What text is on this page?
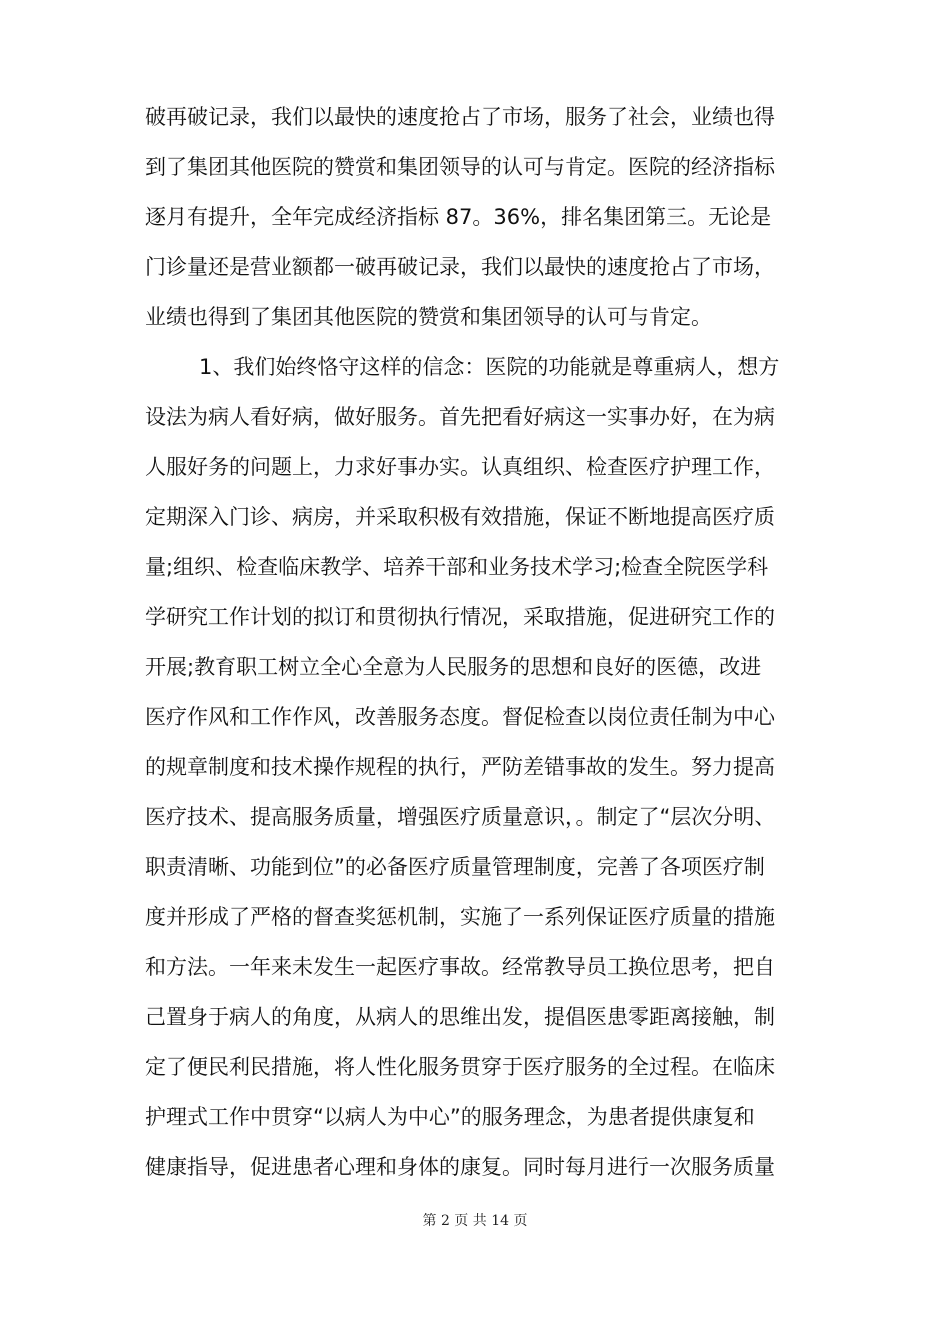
破再破记录，我们以最快的速度抢占了市场，服务了社会，业绩也得
到了集团其他医院的赞赏和集团领导的认可与肯定。医院的经济指标
逐月有提升，全年完成经济指标 87。36%，排名集团第三。无论是
门诊量还是营业额都一破再破记录，我们以最快的速度抢占了市场，
业绩也得到了集团其他医院的赞赏和集团领导的认可与肯定。
1、我们始终恪守这样的信念：医院的功能就是尊重病人，想方
设法为病人看好病，做好服务。首先把看好病这一实事办好，在为病
人服好务的问题上，力求好事办实。认真组织、检查医疗护理工作，
定期深入门诊、病房，并采取积极有效措施，保证不断地提高医疗质
量;组织、检查临床教学、培养干部和业务技术学习;检查全院医学科
学研究工作计划的拟订和贯彻执行情况，采取措施，促进研究工作的
开展;教育职工树立全心全意为人民服务的思想和良好的医德，改进
医疗作风和工作作风，改善服务态度。督促检查以岗位责任制为中心
的规章制度和技术操作规程的执行，严防差错事故的发生。努力提高
医疗技术、提高服务质量，增强医疗质量意识，。制定了“层次分明、
职责清晰、功能到位”的必备医疗质量管理制度，完善了各项医疗制
度并形成了严格的督查奖惩机制，实施了一系列保证医疗质量的措施
和方法。一年来未发生一起医疗事故。经常教导员工换位思考，把自
己置身于病人的角度，从病人的思维出发，提倡医患零距离接触，制
定了便民利民措施，将人性化服务贯穿于医疗服务的全过程。在临床
护理式工作中贯穿“以病人为中心”的服务理念，为患者提供康复和
健康指导，促进患者心理和身体的康复。同时每月进行一次服务质量
第 2 页 共 14 页
